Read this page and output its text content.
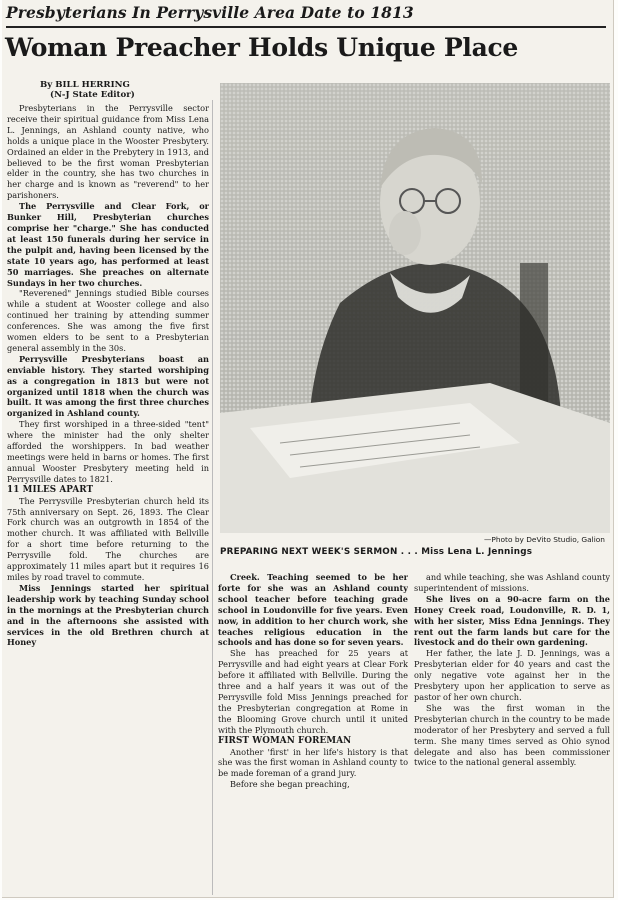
Presbyterians In Perrysville Area Date to 1813
Woman Preacher Holds Unique Place
By BILL HERRING
(N-J State Editor)

Presbyterians in the Perrysville sector receive their spiritual guidance from Miss Lena L. Jennings, an Ashland county native, who holds a unique place in the Wooster Presbytery. Ordained an elder in the Prebytery in 1913, and believed to be the first woman Presbyterian elder in the country, she has two churches in her charge and is known as "reverend" to her parishoners.

The Perrysville and Clear Fork, or Bunker Hill, Presbyterian churches comprise her "charge." She has conducted at least 150 funerals during her service in the pulpit and, having been licensed by the state 10 years ago, has performed at least 50 marriages. She preaches on alternate Sundays in her two churches.

"Reverened" Jennings studied Bible courses while a student at Wooster college and also continued her training by attending summer conferences. She was among the five first women elders to be sent to a Presbyterian general assembly in the 30s.

Perrysville Presbyterians boast an enviable history. They started worshiping as a congregation in 1813 but were not organized until 1818 when the church was built. It was among the first three churches organized in Ashland county.

They first worshiped in a three-sided "tent" where the minister had the only shelter afforded the worshippers. In bad weather meetings were held in barns or homes. The first annual Wooster Presbytery meeting held in Perrysville dates to 1821.

11 MILES APART

The Perrysville Presbyterian church held its 75th anniversary on Sept. 26, 1893. The Clear Fork church was an outgrowth in 1854 of the mother church. It was affiliated with Bellville for a short time before returning to the Perrysville fold. The churches are approximately 11 miles apart but it requires 16 miles by road travel to commute.

Miss Jennings started her spiritual leadership work by teaching Sunday school in the mornings at the Presbyterian church and in the afternoons she assisted with services in the old Brethren church at Honey

—Photo by DeVito Studio, Galion
PREPARING NEXT WEEK'S SERMON . . . Miss Lena L. Jennings

Creek. Teaching seemed to be her forte for she was an Ashland county school teacher before teaching grade school in Loudonville for five years. Even now, in addition to her church work, she teaches religious education in the schools and has done so for seven years.

She has preached for 25 years at Perrysville and had eight years at Clear Fork before it affiliated with Bellville. During the three and a half years it was out of the Perrysville fold Miss Jennings preached for the Presbyterian congregation at Rome in the Blooming Grove church until it united with the Plymouth church.

FIRST WOMAN FOREMAN

Another 'first' in her life's history is that she was the first woman in Ashland county to be made foreman of a grand jury.

Before she began preaching,

and while teaching, she was Ashland county superintendent of missions.

She lives on a 90-acre farm on the Honey Creek road, Loudonville, R. D. 1, with her sister, Miss Edna Jennings. They rent out the farm lands but care for the livestock and do their own gardening.

Her father, the late J. D. Jennings, was a Presbyterian elder for 40 years and cast the only negative vote against her in the Presbytery upon her application to serve as pastor of her own church.

She was the first woman in the Presbyterian church in the country to be made moderator of her Presbytery and served a full term. She many times served as Ohio synod delegate and also has been commissioner twice to the national general assembly.
